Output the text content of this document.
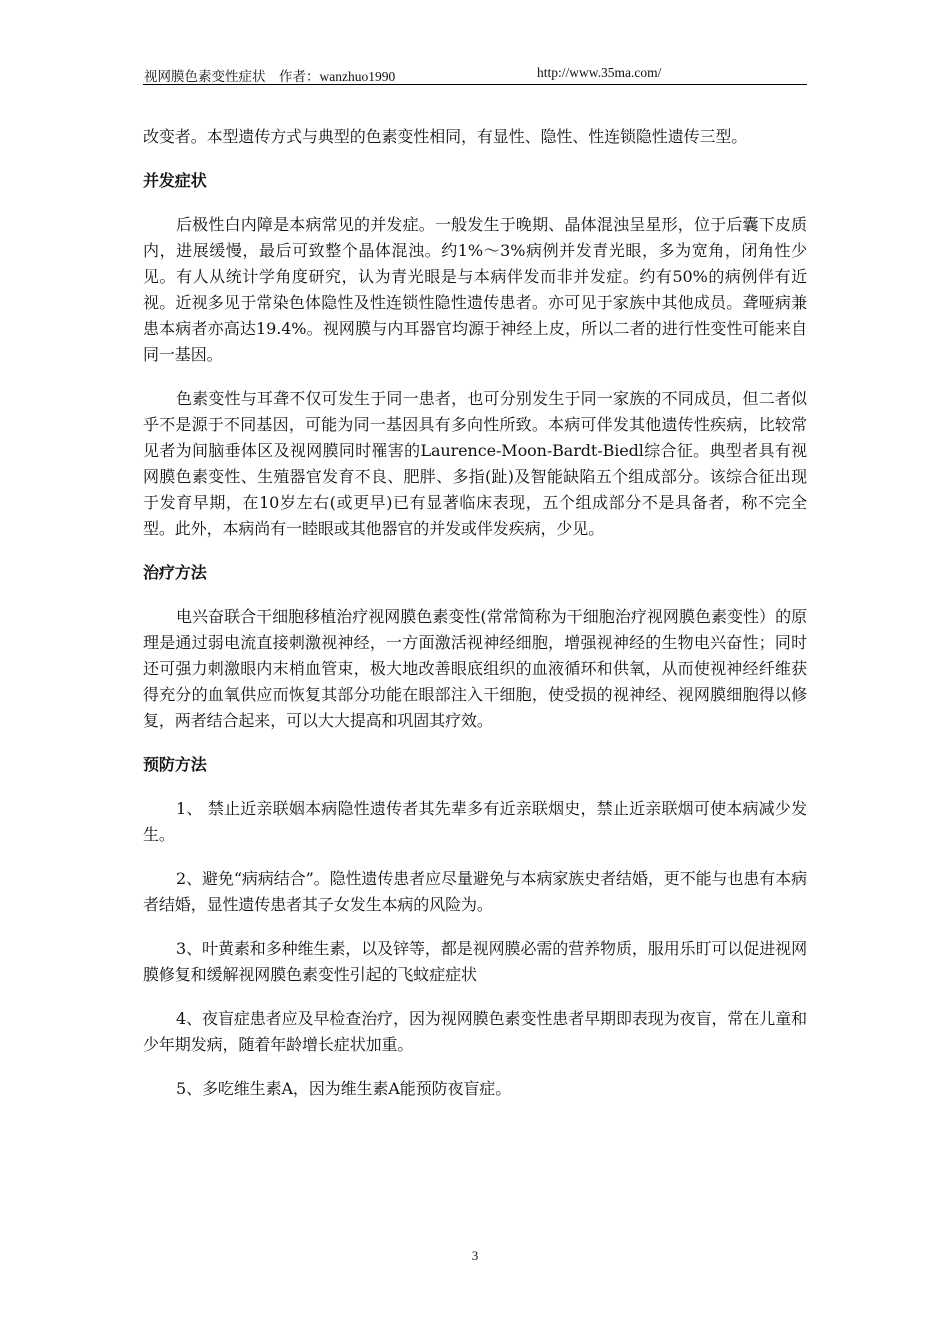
视网膜色素变性症状　作者：wanzhuo1990	http://www.35ma.com/

改变者。本型遗传方式与典型的色素变性相同，有显性、隐性、性连锁隐性遗传三型。

并发症状

后极性白内障是本病常见的并发症。一般发生于晚期、晶体混浊呈星形，位于后囊下皮质内，进展缓慢，最后可致整个晶体混浊。约1%～3%病例并发青光眼，多为宽角，闭角性少见。有人从统计学角度研究，认为青光眼是与本病伴发而非并发症。约有50%的病例伴有近视。近视多见于常染色体隐性及性连锁性隐性遗传患者。亦可见于家族中其他成员。聋哑病兼患本病者亦高达19.4%。视网膜与内耳器官均源于神经上皮，所以二者的进行性变性可能来自同一基因。

色素变性与耳聋不仅可发生于同一患者，也可分别发生于同一家族的不同成员，但二者似乎不是源于不同基因，可能为同一基因具有多向性所致。本病可伴发其他遗传性疾病，比较常见者为间脑垂体区及视网膜同时罹害的Laurence-Moon-Bardt-Biedl综合征。典型者具有视网膜色素变性、生殖器官发育不良、肥胖、多指(趾)及智能缺陷五个组成部分。该综合征出现于发育早期，在10岁左右(或更早)已有显著临床表现，五个组成部分不是具备者，称不完全型。此外，本病尚有一睦眼或其他器官的并发或伴发疾病，少见。

治疗方法

电兴奋联合干细胞移植治疗视网膜色素变性(常常简称为干细胞治疗视网膜色素变性）的原理是通过弱电流直接刺激视神经，一方面激活视神经细胞，增强视神经的生物电兴奋性；同时还可强力刺激眼内末梢血管束，极大地改善眼底组织的血液循环和供氧，从而使视神经纤维获得充分的血氧供应而恢复其部分功能在眼部注入干细胞，使受损的视神经、视网膜细胞得以修复，两者结合起来，可以大大提高和巩固其疗效。

预防方法

1、 禁止近亲联姻本病隐性遗传者其先辈多有近亲联烟史，禁止近亲联烟可使本病减少发生。

2、避免“病病结合”。隐性遗传患者应尽量避免与本病家族史者结婚，更不能与也患有本病者结婚，显性遗传患者其子女发生本病的风险为。

3、叶黄素和多种维生素，以及锌等，都是视网膜必需的营养物质，服用乐盯可以促进视网膜修复和缓解视网膜色素变性引起的飞蚊症症状

4、夜盲症患者应及早检查治疗，因为视网膜色素变性患者早期即表现为夜盲，常在儿童和少年期发病，随着年龄增长症状加重。

5、多吃维生素A，因为维生素A能预防夜盲症。

3
